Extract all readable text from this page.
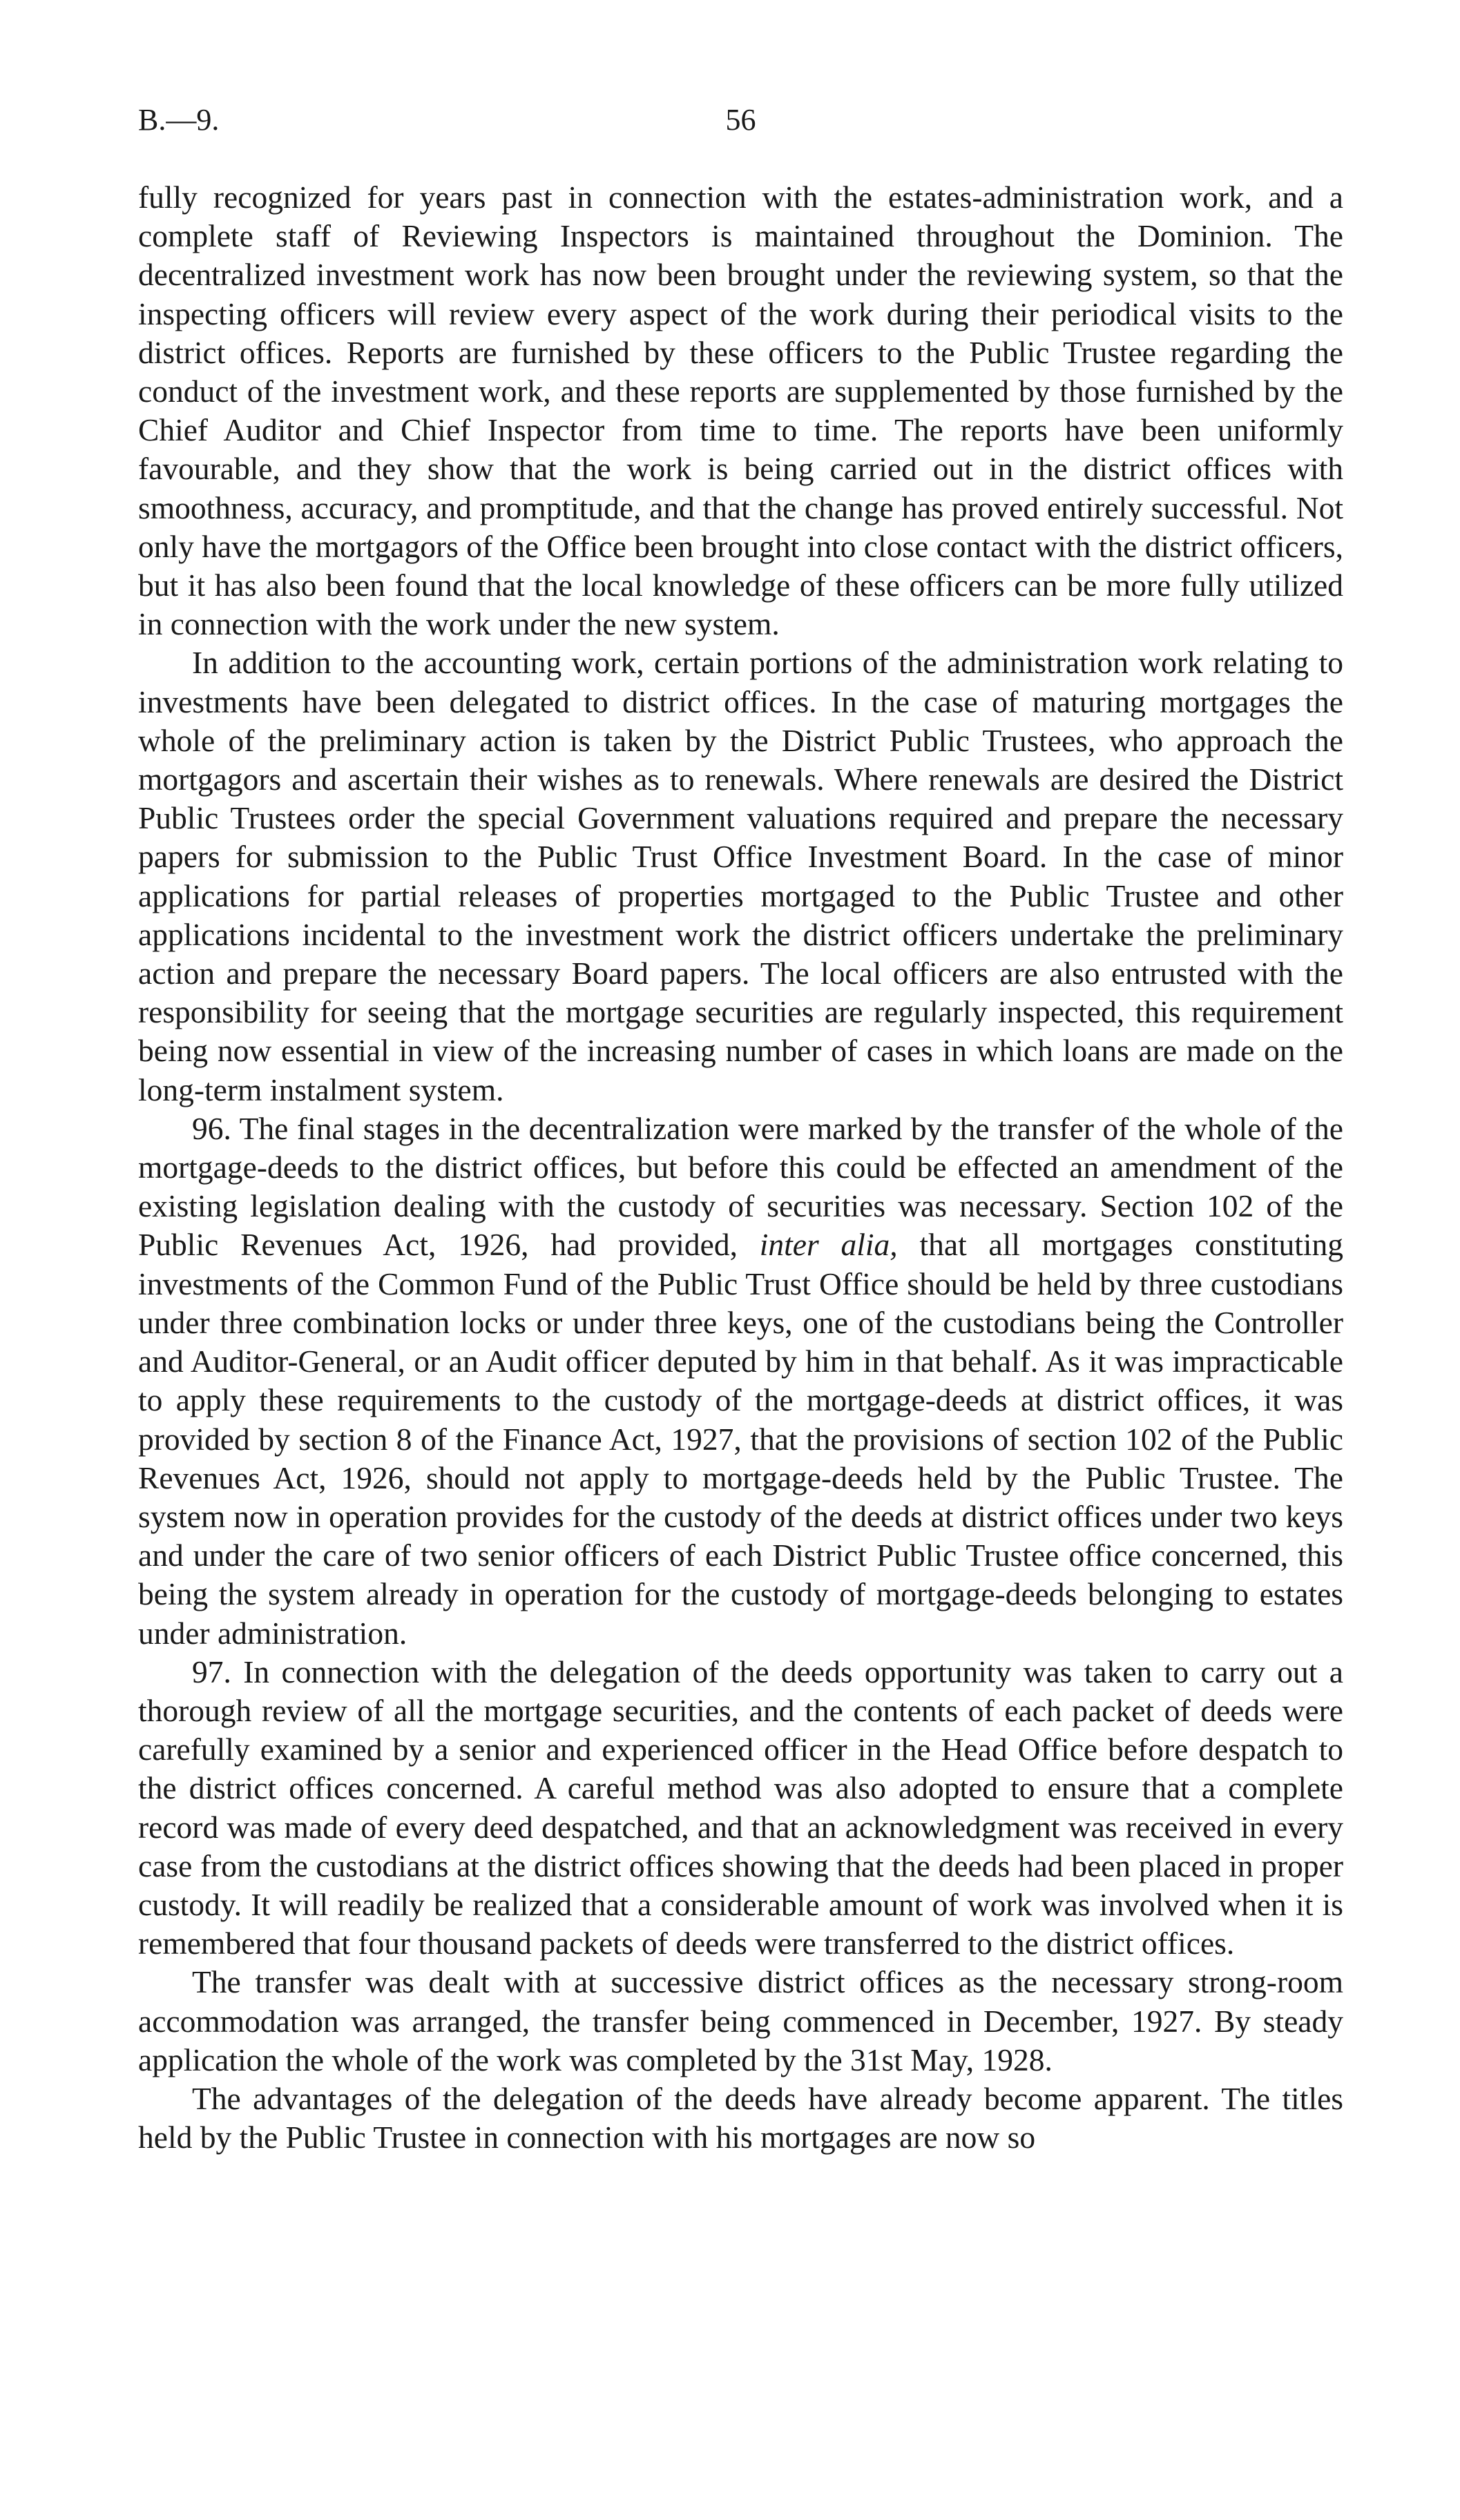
B.—9.	56

fully recognized for years past in connection with the estates-administration work, and a complete staff of Reviewing Inspectors is maintained throughout the Dominion. The decentralized investment work has now been brought under the reviewing system, so that the inspecting officers will review every aspect of the work during their periodical visits to the district offices. Reports are furnished by these officers to the Public Trustee regarding the conduct of the investment work, and these reports are supplemented by those furnished by the Chief Auditor and Chief Inspector from time to time. The reports have been uniformly favourable, and they show that the work is being carried out in the district offices with smoothness, accuracy, and promptitude, and that the change has proved entirely successful. Not only have the mortgagors of the Office been brought into close contact with the district officers, but it has also been found that the local knowledge of these officers can be more fully utilized in connection with the work under the new system.

In addition to the accounting work, certain portions of the administration work relating to investments have been delegated to district offices. In the case of maturing mortgages the whole of the preliminary action is taken by the District Public Trustees, who approach the mortgagors and ascertain their wishes as to renewals. Where renewals are desired the District Public Trustees order the special Government valuations required and prepare the necessary papers for submission to the Public Trust Office Investment Board. In the case of minor applications for partial releases of properties mortgaged to the Public Trustee and other applications incidental to the investment work the district officers undertake the preliminary action and prepare the necessary Board papers. The local officers are also entrusted with the responsibility for seeing that the mortgage securities are regularly inspected, this requirement being now essential in view of the increasing number of cases in which loans are made on the long-term instalment system.

96. The final stages in the decentralization were marked by the transfer of the whole of the mortgage-deeds to the district offices, but before this could be effected an amendment of the existing legislation dealing with the custody of securities was necessary. Section 102 of the Public Revenues Act, 1926, had provided, inter alia, that all mortgages constituting investments of the Common Fund of the Public Trust Office should be held by three custodians under three combination locks or under three keys, one of the custodians being the Controller and Auditor-General, or an Audit officer deputed by him in that behalf. As it was impracticable to apply these requirements to the custody of the mortgage-deeds at district offices, it was provided by section 8 of the Finance Act, 1927, that the provisions of section 102 of the Public Revenues Act, 1926, should not apply to mortgage-deeds held by the Public Trustee. The system now in operation provides for the custody of the deeds at district offices under two keys and under the care of two senior officers of each District Public Trustee office concerned, this being the system already in operation for the custody of mortgage-deeds belonging to estates under administration.

97. In connection with the delegation of the deeds opportunity was taken to carry out a thorough review of all the mortgage securities, and the contents of each packet of deeds were carefully examined by a senior and experienced officer in the Head Office before despatch to the district offices concerned. A careful method was also adopted to ensure that a complete record was made of every deed despatched, and that an acknowledgment was received in every case from the custodians at the district offices showing that the deeds had been placed in proper custody. It will readily be realized that a considerable amount of work was involved when it is remembered that four thousand packets of deeds were transferred to the district offices.

The transfer was dealt with at successive district offices as the necessary strong-room accommodation was arranged, the transfer being commenced in December, 1927. By steady application the whole of the work was completed by the 31st May, 1928.

The advantages of the delegation of the deeds have already become apparent. The titles held by the Public Trustee in connection with his mortgages are now so
